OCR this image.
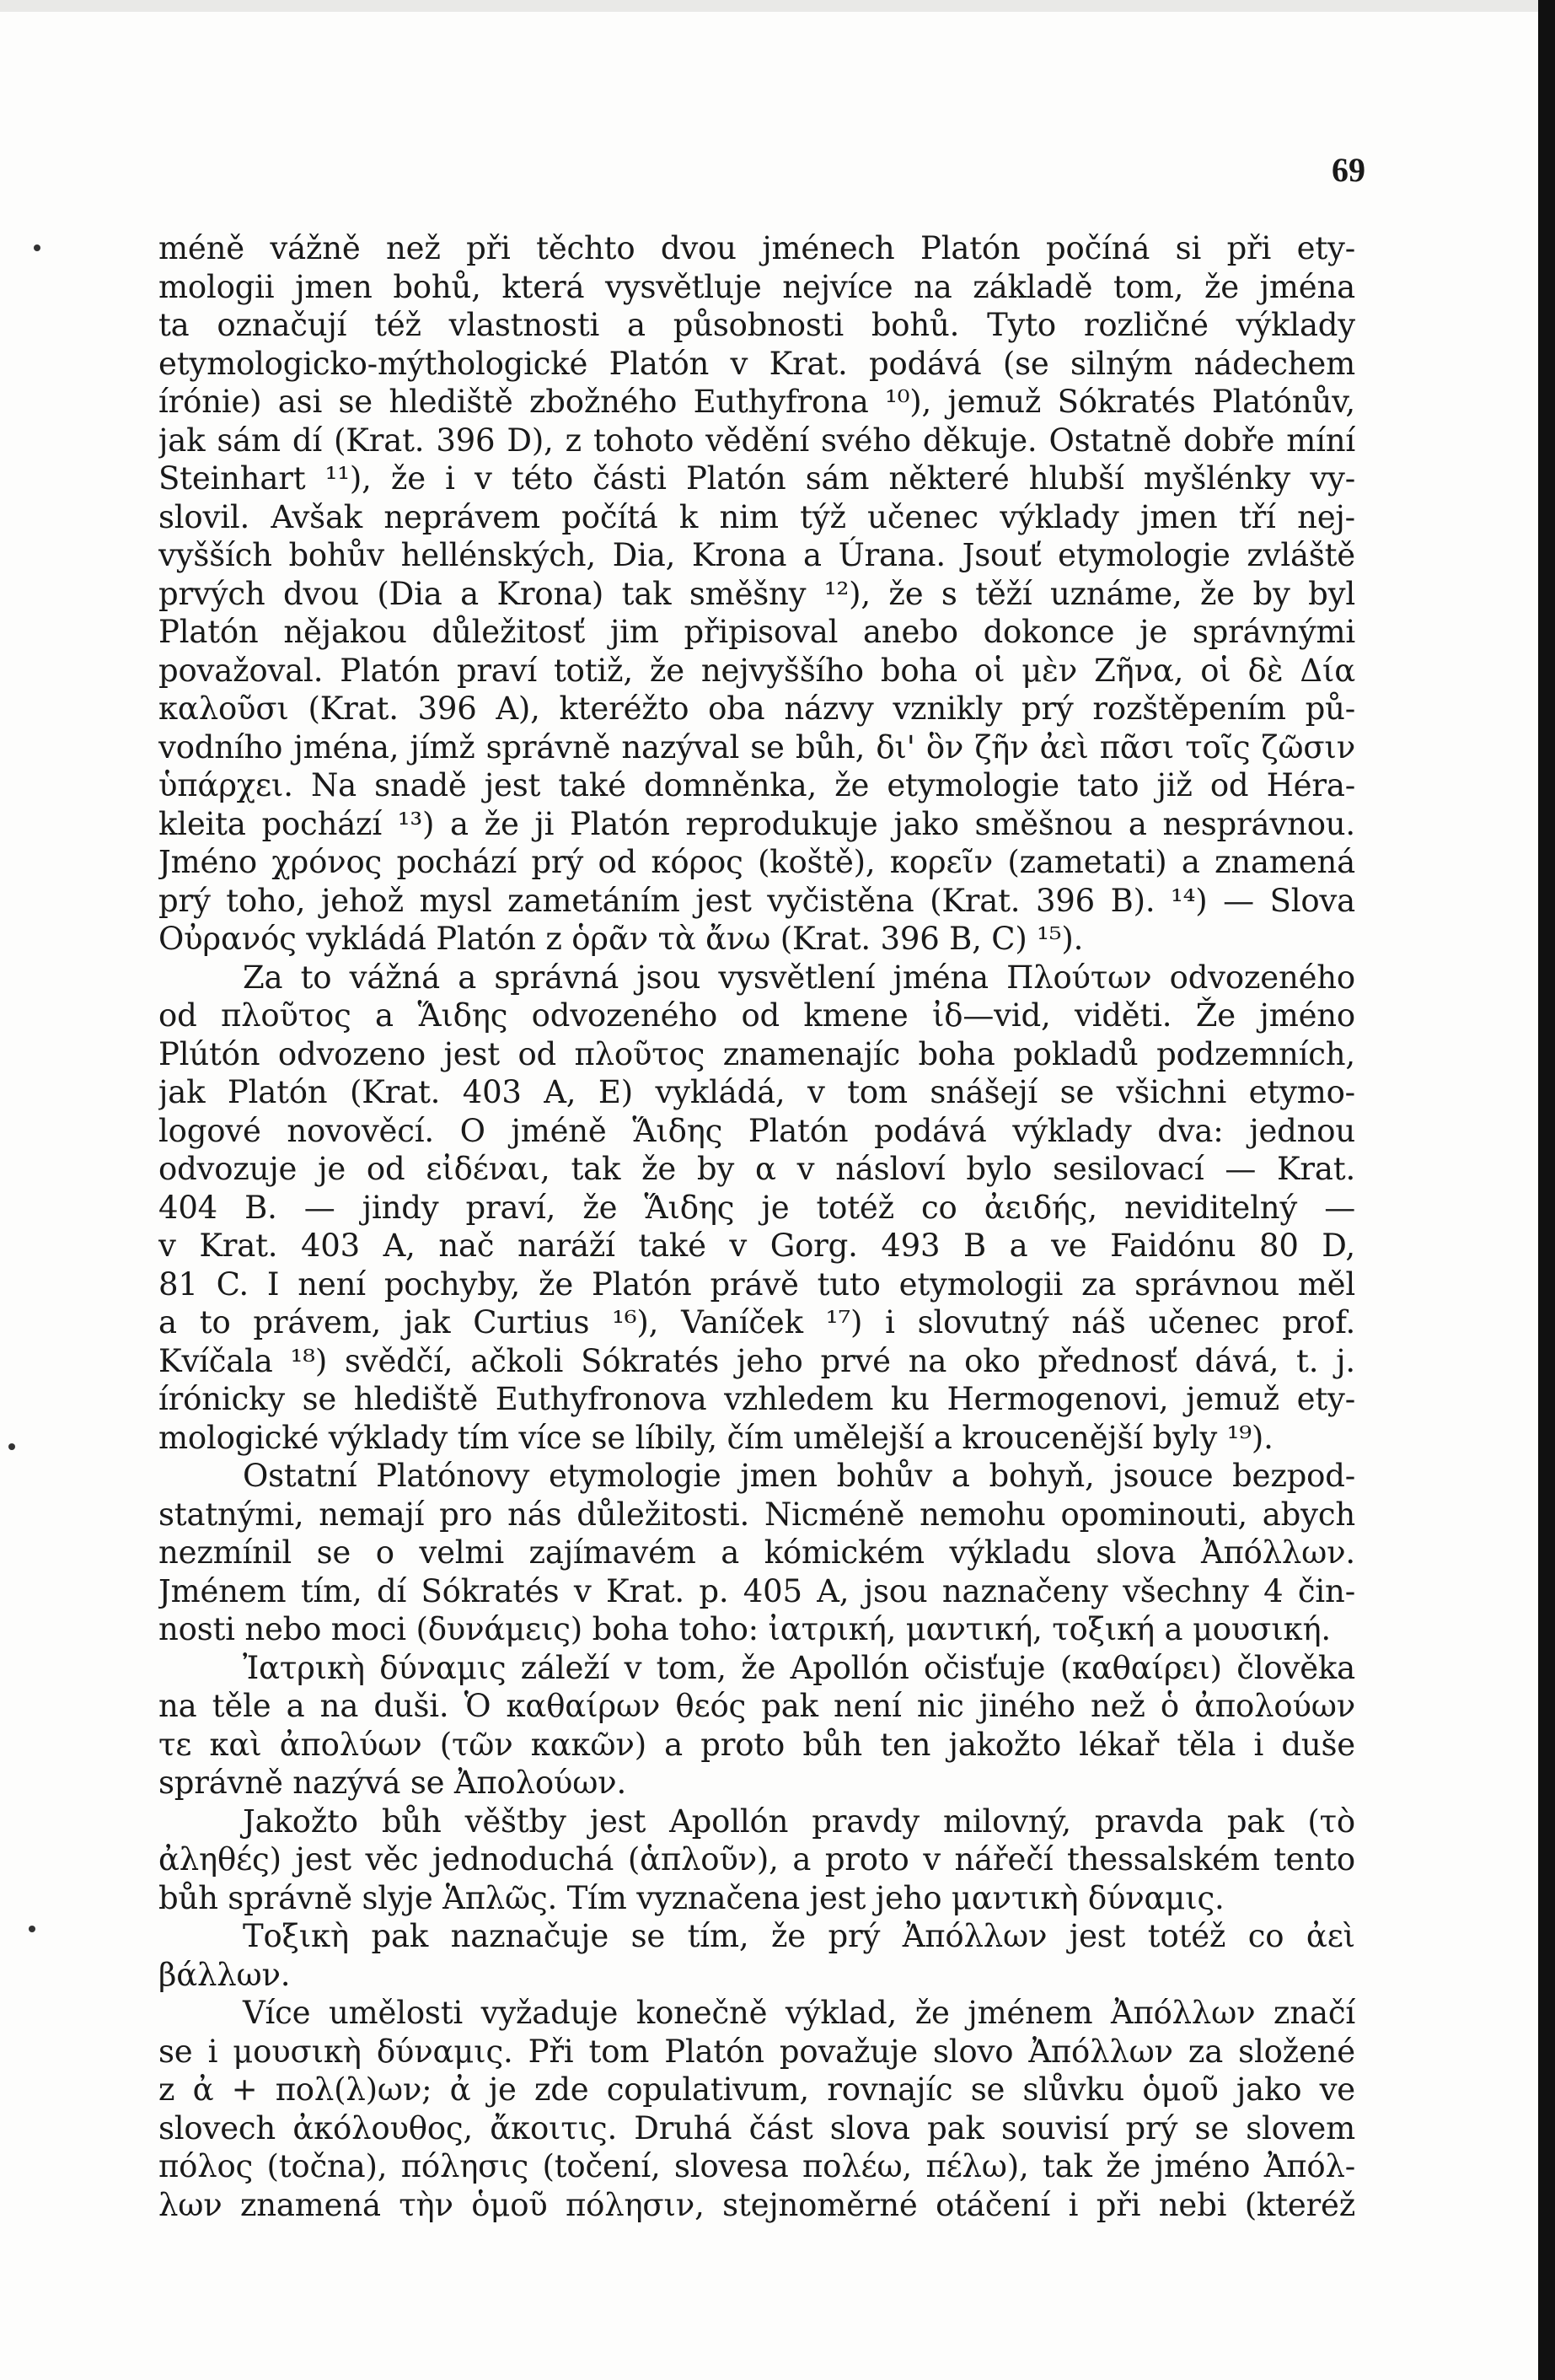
69
méně vážně než při těchto dvou jménech Platón počíná si při ety-
mologii jmen bohů, která vysvětluje nejvíce na základě tom, že jména
ta označují též vlastnosti a působnosti bohů. Tyto rozličné výklady
etymologicko-mýthologické Platón v Krat. podává (se silným nádechem
írónie) asi se hlediště zbožného Euthyfrona ¹⁰), jemuž Sókratés Platónův,
jak sám dí (Krat. 396 D), z tohoto vědění svého děkuje. Ostatně dobře míní
Steinhart ¹¹), že i v této části Platón sám některé hlubší myšlénky vy-
slovil. Avšak neprávem počítá k nim týž učenec výklady jmen tří nej-
vyšších bohův hellénských, Dia, Krona a Úrana. Jsouť etymologie zvláště
prvých dvou (Dia a Krona) tak směšny ¹²), že s těží uznáme, že by byl
Platón nějakou důležitosť jim připisoval anebo dokonce je správnými
považoval. Platón praví totiž, že nejvyššího boha οἱ μὲν Ζῆνα, οἱ δὲ Δία
καλοῦσι (Krat. 396 A), kteréžto oba názvy vznikly prý rozštěpením pů-
vodního jména, jímž správně nazýval se bůh, δι' ὃν ζῆν ἀεὶ πᾶσι τοῖς ζῶσιν
ὑπάρχει. Na snadě jest také domněnka, že etymologie tato již od Héra-
kleita pochází ¹³) a že ji Platón reprodukuje jako směšnou a nesprávnou.
Jméno χρόνος pochází prý od κόρος (koště), κορεῖν (zametati) a znamená
prý toho, jehož mysl zametáním jest vyčistěna (Krat. 396 B). ¹⁴) — Slova
Οὐρανός vykládá Platón z ὁρᾶν τὰ ἄνω (Krat. 396 B, C) ¹⁵).
Za to vážná a správná jsou vysvětlení jména Πλούτων odvozeného
od πλοῦτος a Ἅιδης odvozeného od kmene ἰδ—vid, viděti. Že jméno
Plútón odvozeno jest od πλοῦτος znamenajíc boha pokladů podzemních,
jak Platón (Krat. 403 A, E) vykládá, v tom snášejí se všichni etymo-
logové novověcí. O jméně Ἅιδης Platón podává výklady dva: jednou
odvozuje je od εἰδέναι, tak že by α v násloví bylo sesilovací — Krat.
404 B. — jindy praví, že Ἅιδης je totéž co ἀειδής, neviditelný —
v Krat. 403 A, nač naráží také v Gorg. 493 B a ve Faidónu 80 D,
81 C. I není pochyby, že Platón právě tuto etymologii za správnou měl
a to právem, jak Curtius ¹⁶), Vaníček ¹⁷) i slovutný náš učenec prof.
Kvíčala ¹⁸) svědčí, ačkoli Sókratés jeho prvé na oko přednosť dává, t. j.
írónicky se hlediště Euthyfronova vzhledem ku Hermogenovi, jemuž ety-
mologické výklady tím více se líbily, čím umělejší a kroucenější byly ¹⁹).
Ostatní Platónovy etymologie jmen bohův a bohyň, jsouce bezpod-
statnými, nemají pro nás důležitosti. Nicméně nemohu opominouti, abych
nezmínil se o velmi zajímavém a kómickém výkladu slova Ἀπόλλων.
Jménem tím, dí Sókratés v Krat. p. 405 A, jsou naznačeny všechny 4 čin-
nosti nebo moci (δυνάμεις) boha toho: ἰατρική, μαντική, τοξική a μουσική.
Ἰατρικὴ δύναμις záleží v tom, že Apollón očisťuje (καθαίρει) člověka
na těle a na duši. Ὁ καθαίρων θεός pak není nic jiného než ὁ ἀπολούων
τε καὶ ἀπολύων (τῶν κακῶν) a proto bůh ten jakožto lékař těla i duše
správně nazývá se Ἀπολούων.
Jakožto bůh věštby jest Apollón pravdy milovný, pravda pak (τὸ
ἀληθές) jest věc jednoduchá (ἁπλοῦν), a proto v nářečí thessalském tento
bůh správně slyje Ἁπλῶς. Tím vyznačena jest jeho μαντικὴ δύναμις.
Τοξικὴ pak naznačuje se tím, že prý Ἀπόλλων jest totéž co ἀεὶ
βάλλων.
Více umělosti vyžaduje konečně výklad, že jménem Ἀπόλλων značí
se i μουσικὴ δύναμις. Při tom Platón považuje slovo Ἀπόλλων za složené
z ἀ + πολ(λ)ων; ἀ je zde copulativum, rovnajíc se slůvku ὁμοῦ jako ve
slovech ἀκόλουθος, ἄκοιτις. Druhá část slova pak souvisí prý se slovem
πόλος (točna), πόλησις (točení, slovesa πολέω, πέλω), tak že jméno Ἀπόλ-
λων znamená τὴν ὁμοῦ πόλησιν, stejnoměrné otáčení i při nebi (kteréž
